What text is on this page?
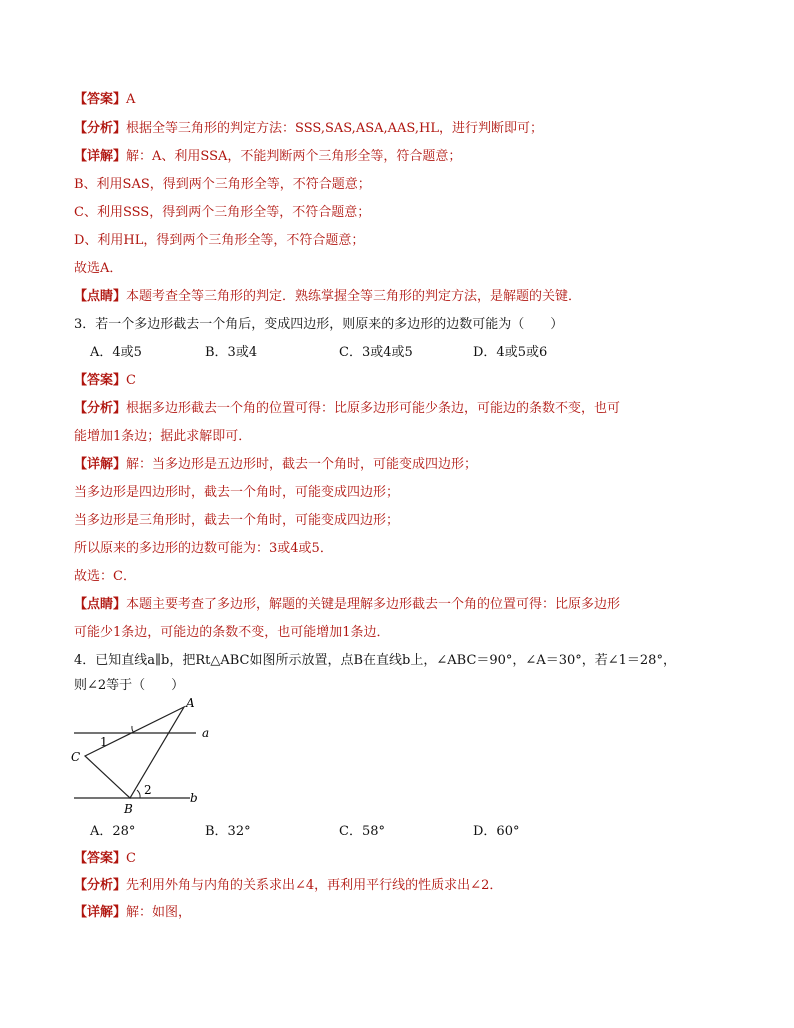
【答案】A
【分析】根据全等三角形的判定方法：SSS,SAS,ASA,AAS,HL，进行判断即可；
【详解】解：A、利用SSA，不能判断两个三角形全等，符合题意；
B、利用SAS，得到两个三角形全等，不符合题意；
C、利用SSS，得到两个三角形全等，不符合题意；
D、利用HL，得到两个三角形全等，不符合题意；
故选A．
【点睛】本题考查全等三角形的判定．熟练掌握全等三角形的判定方法，是解题的关键．
3．若一个多边形截去一个角后，变成四边形，则原来的多边形的边数可能为（　　）
A．4或5	B．3或4	C．3或4或5	D．4或5或6
【答案】C
【分析】根据多边形截去一个角的位置可得：比原多边形可能少条边，可能边的条数不变，也可
能增加1条边；据此求解即可．
【详解】解：当多边形是五边形时，截去一个角时，可能变成四边形；
当多边形是四边形时，截去一个角时，可能变成四边形；
当多边形是三角形时，截去一个角时，可能变成四边形；
所以原来的多边形的边数可能为：3或4或5．
故选：C．
【点睛】本题主要考查了多边形，解题的关键是理解多边形截去一个角的位置可得：比原多边形
可能少1条边，可能边的条数不变，也可能增加1条边．
4．已知直线a∥b，把Rt△ABC如图所示放置，点B在直线b上，∠ABC＝90°，∠A＝30°，若∠1＝28°，
则∠2等于（　　）
A
a
C
1
2
B
b
A．28°	B．32°	C．58°	D．60°
【答案】C
【分析】先利用外角与内角的关系求出∠4，再利用平行线的性质求出∠2．
【详解】解：如图，
